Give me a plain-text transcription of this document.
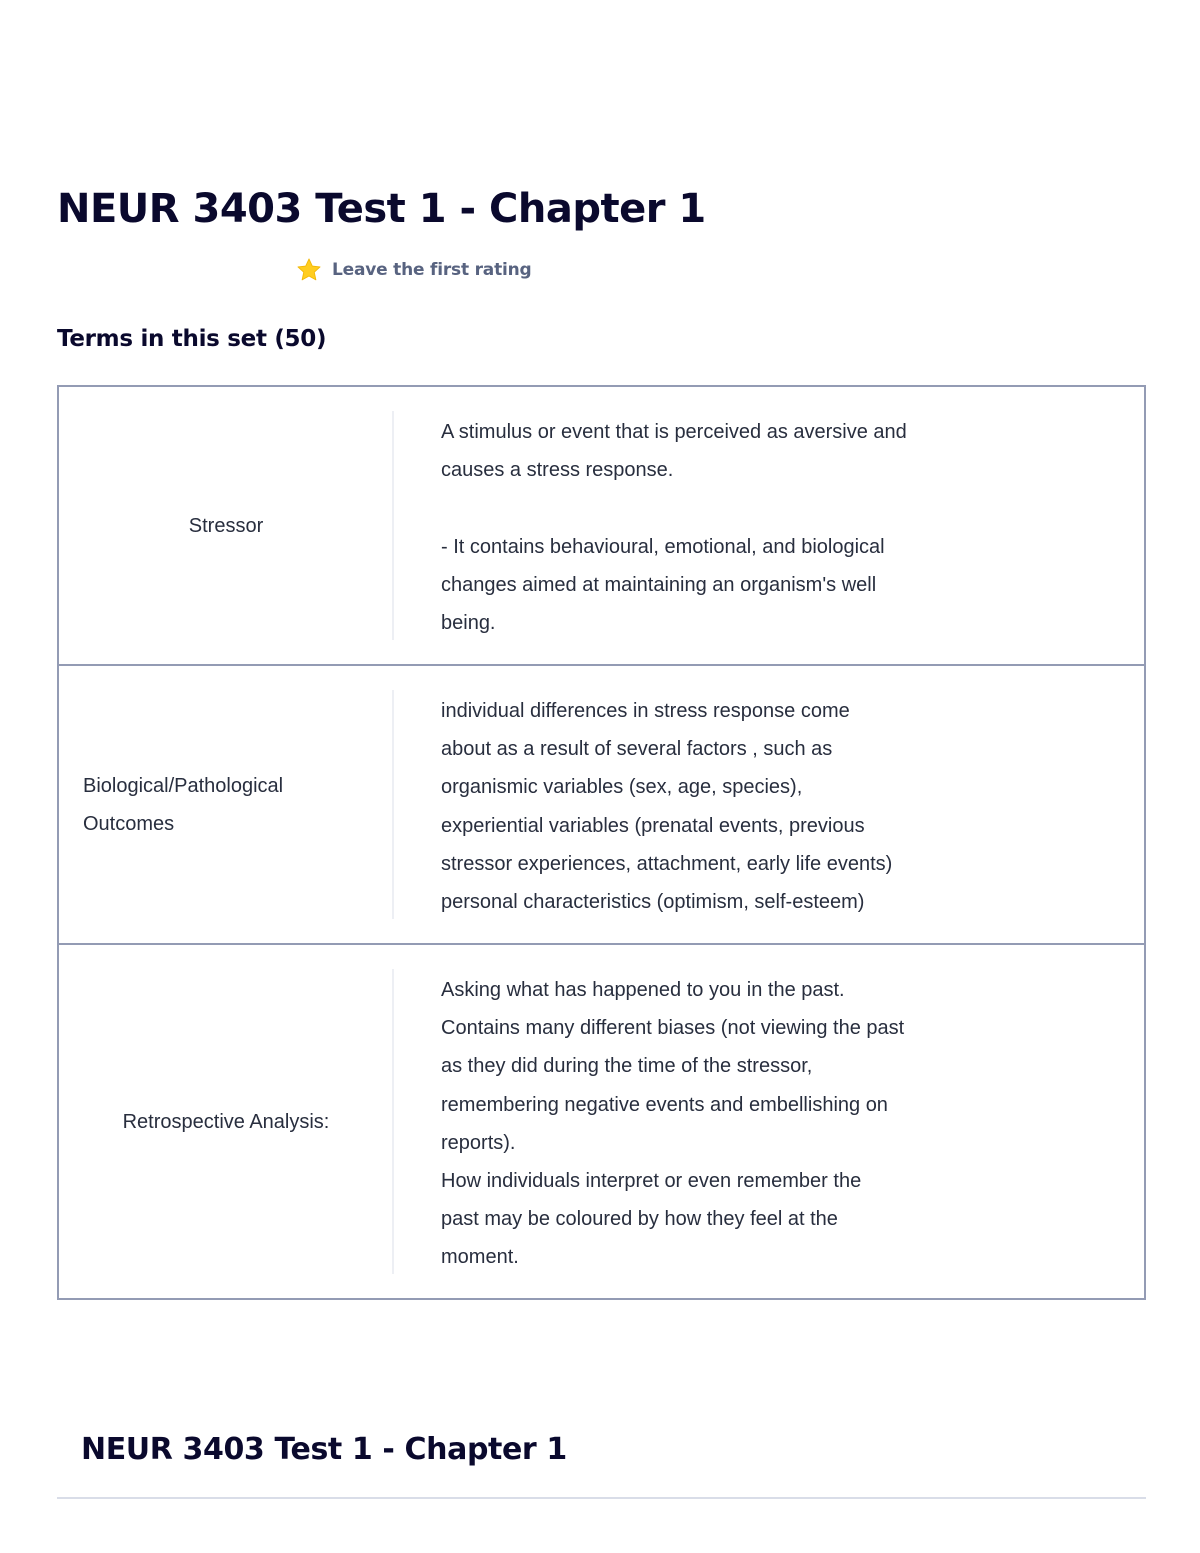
NEUR 3403 Test 1 - Chapter 1
Leave the first rating
Terms in this set (50)
Stressor
A stimulus or event that is perceived as aversive and
causes a stress response.

- It contains behavioural, emotional, and biological
changes aimed at maintaining an organism's well
being.
Biological/Pathological
Outcomes
individual differences in stress response come
about as a result of several factors , such as
organismic variables (sex, age, species),
experiential variables (prenatal events, previous
stressor experiences, attachment, early life events)
personal characteristics (optimism, self-esteem)
Retrospective Analysis:
Asking what has happened to you in the past.
Contains many different biases (not viewing the past
as they did during the time of the stressor,
remembering negative events and embellishing on
reports).
How individuals interpret or even remember the
past may be coloured by how they feel at the
moment.
NEUR 3403 Test 1 - Chapter 1
